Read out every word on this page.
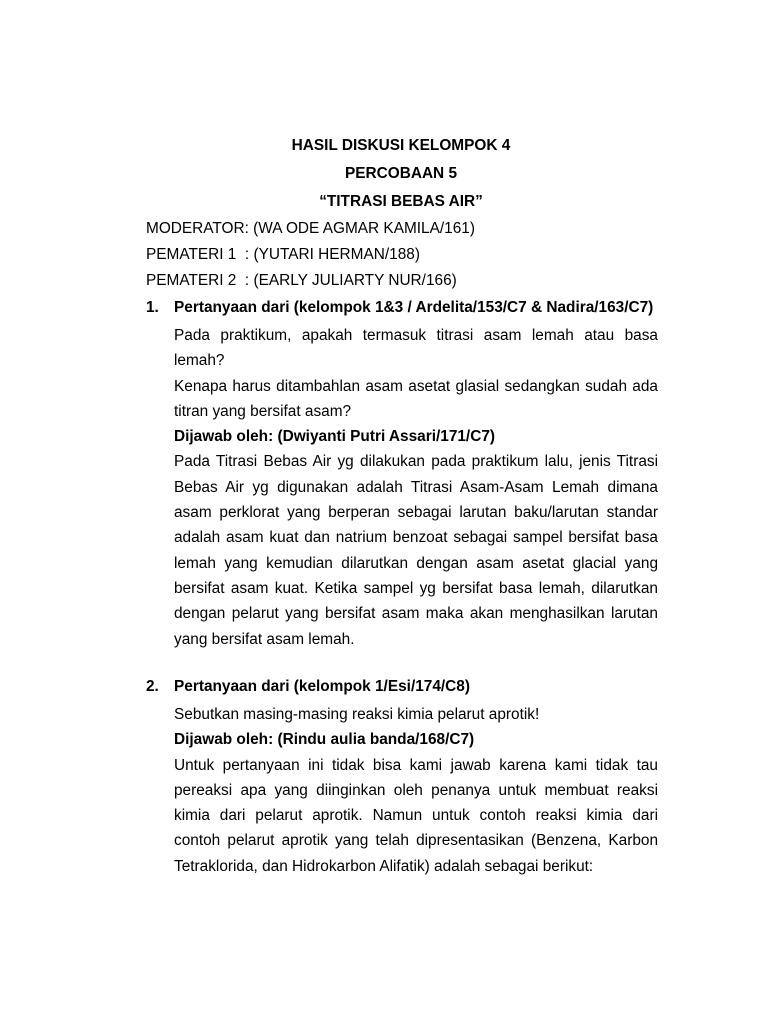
HASIL DISKUSI KELOMPOK 4
PERCOBAAN 5
“TITRASI BEBAS AIR”
MODERATOR: (WA ODE AGMAR KAMILA/161)
PEMATERI 1  : (YUTARI HERMAN/188)
PEMATERI 2  : (EARLY JULIARTY NUR/166)
1. Pertanyaan dari (kelompok 1&3 / Ardelita/153/C7 & Nadira/163/C7)

Pada praktikum, apakah termasuk titrasi asam lemah atau basa lemah?

Kenapa harus ditambahlan asam asetat glasial sedangkan sudah ada titran yang bersifat asam?

Dijawab oleh: (Dwiyanti Putri Assari/171/C7)

Pada Titrasi Bebas Air yg dilakukan pada praktikum lalu, jenis Titrasi Bebas Air yg digunakan adalah Titrasi Asam-Asam Lemah dimana asam perklorat yang berperan sebagai larutan baku/larutan standar adalah asam kuat dan natrium benzoat sebagai sampel bersifat basa lemah yang kemudian dilarutkan dengan asam asetat glacial yang bersifat asam kuat. Ketika sampel yg bersifat basa lemah, dilarutkan dengan pelarut yang bersifat asam maka akan menghasilkan larutan yang bersifat asam lemah.

2. Pertanyaan dari (kelompok 1/Esi/174/C8)

Sebutkan masing-masing reaksi kimia pelarut aprotik!

Dijawab oleh: (Rindu aulia banda/168/C7)

Untuk pertanyaan ini tidak bisa kami jawab karena kami tidak tau pereaksi apa yang diinginkan oleh penanya untuk membuat reaksi kimia dari pelarut aprotik. Namun untuk contoh reaksi kimia dari contoh pelarut aprotik yang telah dipresentasikan (Benzena, Karbon Tetraklorida, dan Hidrokarbon Alifatik) adalah sebagai berikut:
